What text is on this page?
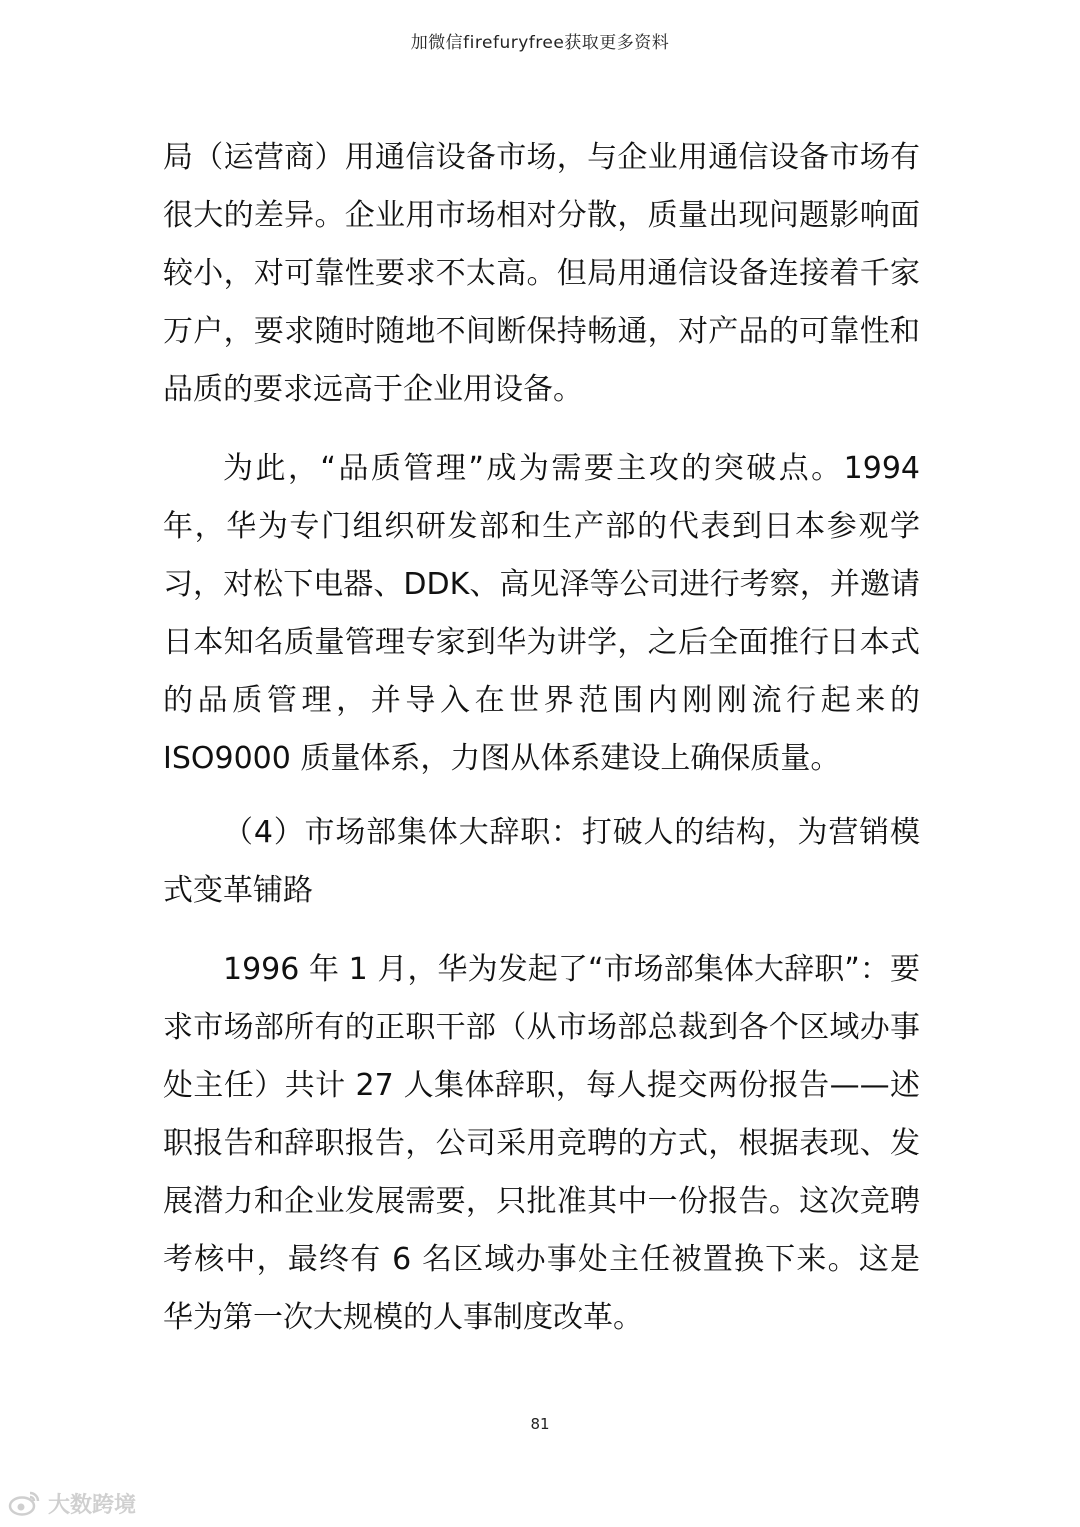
加微信firefuryfree获取更多资料
局（运营商）用通信设备市场，与企业用通信设备市场有很大的差异。企业用市场相对分散，质量出现问题影响面较小，对可靠性要求不太高。但局用通信设备连接着千家万户，要求随时随地不间断保持畅通，对产品的可靠性和品质的要求远高于企业用设备。
为此，“品质管理”成为需要主攻的突破点。1994 年，华为专门组织研发部和生产部的代表到日本参观学习，对松下电器、DDK、高见泽等公司进行考察，并邀请日本知名质量管理专家到华为讲学，之后全面推行日本式的品质管理，并导入在世界范围内刚刚流行起来的 ISO9000 质量体系，力图从体系建设上确保质量。
（4）市场部集体大辞职：打破人的结构，为营销模式变革铺路
1996 年 1 月，华为发起了“市场部集体大辞职”：要求市场部所有的正职干部（从市场部总裁到各个区域办事处主任）共计 27 人集体辞职，每人提交两份报告——述职报告和辞职报告，公司采用竞聘的方式，根据表现、发展潜力和企业发展需要，只批准其中一份报告。这次竞聘考核中，最终有 6 名区域办事处主任被置换下来。这是华为第一次大规模的人事制度改革。
81
大数跨境
